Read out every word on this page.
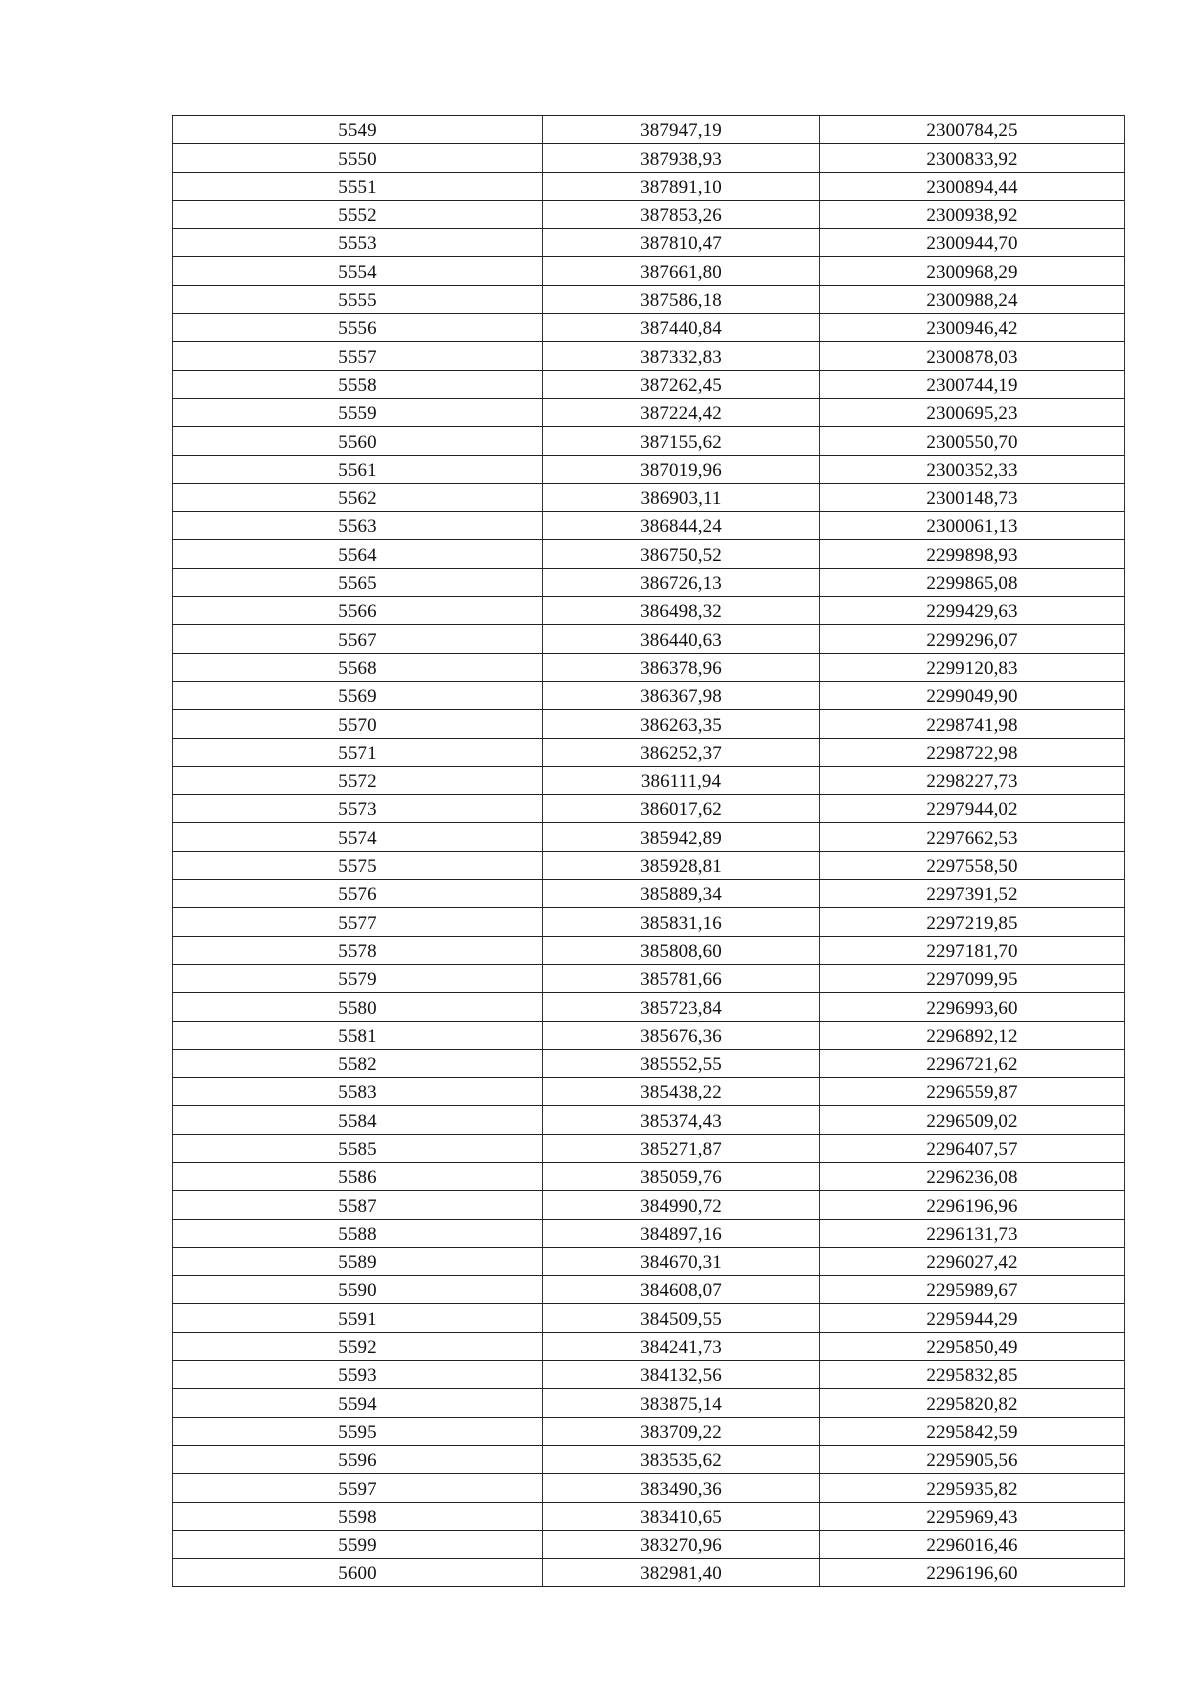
5549	387947,19	2300784,25
5550	387938,93	2300833,92
5551	387891,10	2300894,44
5552	387853,26	2300938,92
5553	387810,47	2300944,70
5554	387661,80	2300968,29
5555	387586,18	2300988,24
5556	387440,84	2300946,42
5557	387332,83	2300878,03
5558	387262,45	2300744,19
5559	387224,42	2300695,23
5560	387155,62	2300550,70
5561	387019,96	2300352,33
5562	386903,11	2300148,73
5563	386844,24	2300061,13
5564	386750,52	2299898,93
5565	386726,13	2299865,08
5566	386498,32	2299429,63
5567	386440,63	2299296,07
5568	386378,96	2299120,83
5569	386367,98	2299049,90
5570	386263,35	2298741,98
5571	386252,37	2298722,98
5572	386111,94	2298227,73
5573	386017,62	2297944,02
5574	385942,89	2297662,53
5575	385928,81	2297558,50
5576	385889,34	2297391,52
5577	385831,16	2297219,85
5578	385808,60	2297181,70
5579	385781,66	2297099,95
5580	385723,84	2296993,60
5581	385676,36	2296892,12
5582	385552,55	2296721,62
5583	385438,22	2296559,87
5584	385374,43	2296509,02
5585	385271,87	2296407,57
5586	385059,76	2296236,08
5587	384990,72	2296196,96
5588	384897,16	2296131,73
5589	384670,31	2296027,42
5590	384608,07	2295989,67
5591	384509,55	2295944,29
5592	384241,73	2295850,49
5593	384132,56	2295832,85
5594	383875,14	2295820,82
5595	383709,22	2295842,59
5596	383535,62	2295905,56
5597	383490,36	2295935,82
5598	383410,65	2295969,43
5599	383270,96	2296016,46
5600	382981,40	2296196,60
